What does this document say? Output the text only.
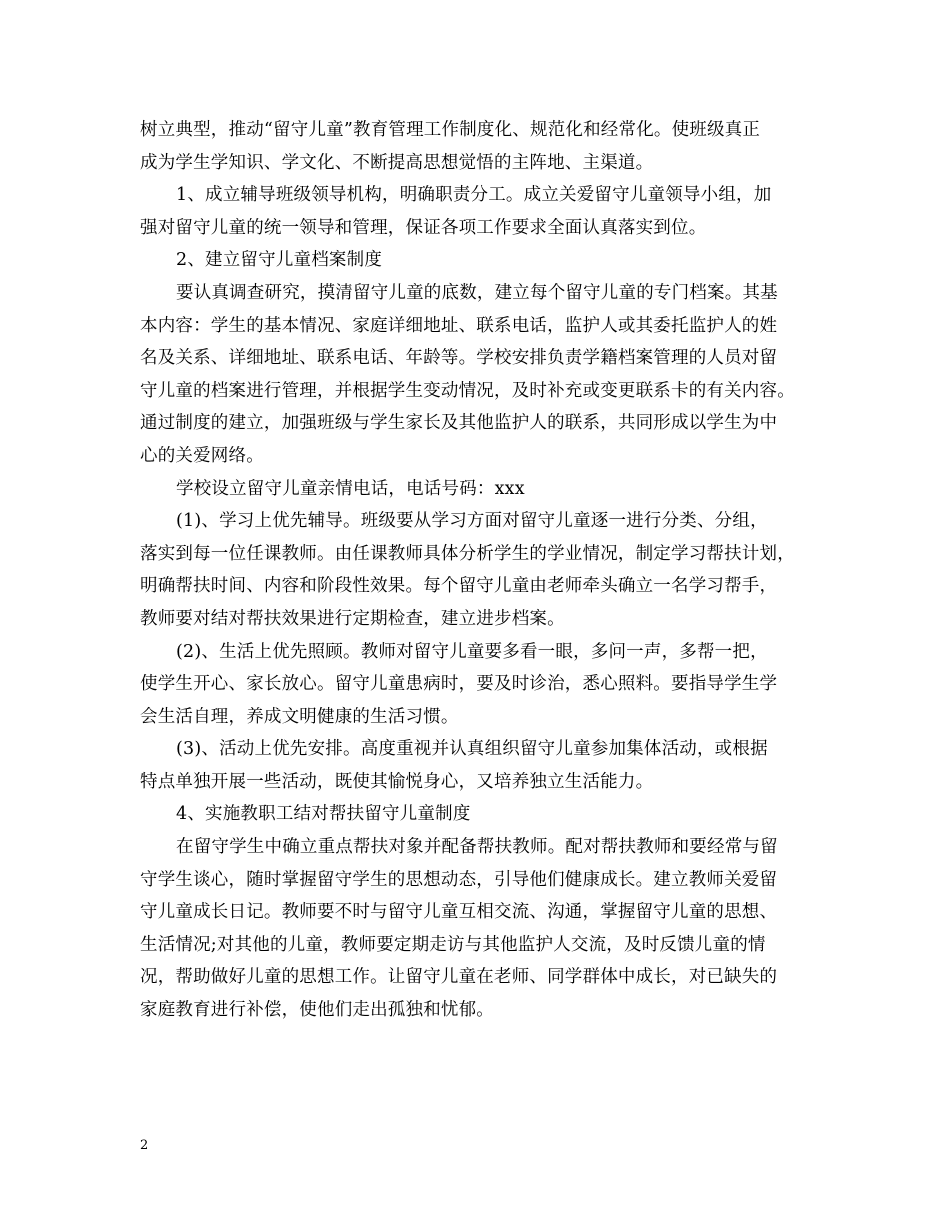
树立典型，推动“留守儿童”教育管理工作制度化、规范化和经常化。使班级真正
成为学生学知识、学文化、不断提高思想觉悟的主阵地、主渠道。
1、成立辅导班级领导机构，明确职责分工。成立关爱留守儿童领导小组，加
强对留守儿童的统一领导和管理，保证各项工作要求全面认真落实到位。
2、建立留守儿童档案制度
要认真调查研究，摸清留守儿童的底数，建立每个留守儿童的专门档案。其基
本内容：学生的基本情况、家庭详细地址、联系电话，监护人或其委托监护人的姓
名及关系、详细地址、联系电话、年龄等。学校安排负责学籍档案管理的人员对留
守儿童的档案进行管理，并根据学生变动情况，及时补充或变更联系卡的有关内容。
通过制度的建立，加强班级与学生家长及其他监护人的联系，共同形成以学生为中
心的关爱网络。
学校设立留守儿童亲情电话，电话号码：xxx
(1)、学习上优先辅导。班级要从学习方面对留守儿童逐一进行分类、分组，
落实到每一位任课教师。由任课教师具体分析学生的学业情况，制定学习帮扶计划，
明确帮扶时间、内容和阶段性效果。每个留守儿童由老师牵头确立一名学习帮手，
教师要对结对帮扶效果进行定期检查，建立进步档案。
(2)、生活上优先照顾。教师对留守儿童要多看一眼，多问一声，多帮一把，
使学生开心、家长放心。留守儿童患病时，要及时诊治，悉心照料。要指导学生学
会生活自理，养成文明健康的生活习惯。
(3)、活动上优先安排。高度重视并认真组织留守儿童参加集体活动，或根据
特点单独开展一些活动，既使其愉悦身心，又培养独立生活能力。
4、实施教职工结对帮扶留守儿童制度
在留守学生中确立重点帮扶对象并配备帮扶教师。配对帮扶教师和要经常与留
守学生谈心，随时掌握留守学生的思想动态，引导他们健康成长。建立教师关爱留
守儿童成长日记。教师要不时与留守儿童互相交流、沟通，掌握留守儿童的思想、
生活情况;对其他的儿童，教师要定期走访与其他监护人交流，及时反馈儿童的情
况，帮助做好儿童的思想工作。让留守儿童在老师、同学群体中成长，对已缺失的
家庭教育进行补偿，使他们走出孤独和忧郁。
2
